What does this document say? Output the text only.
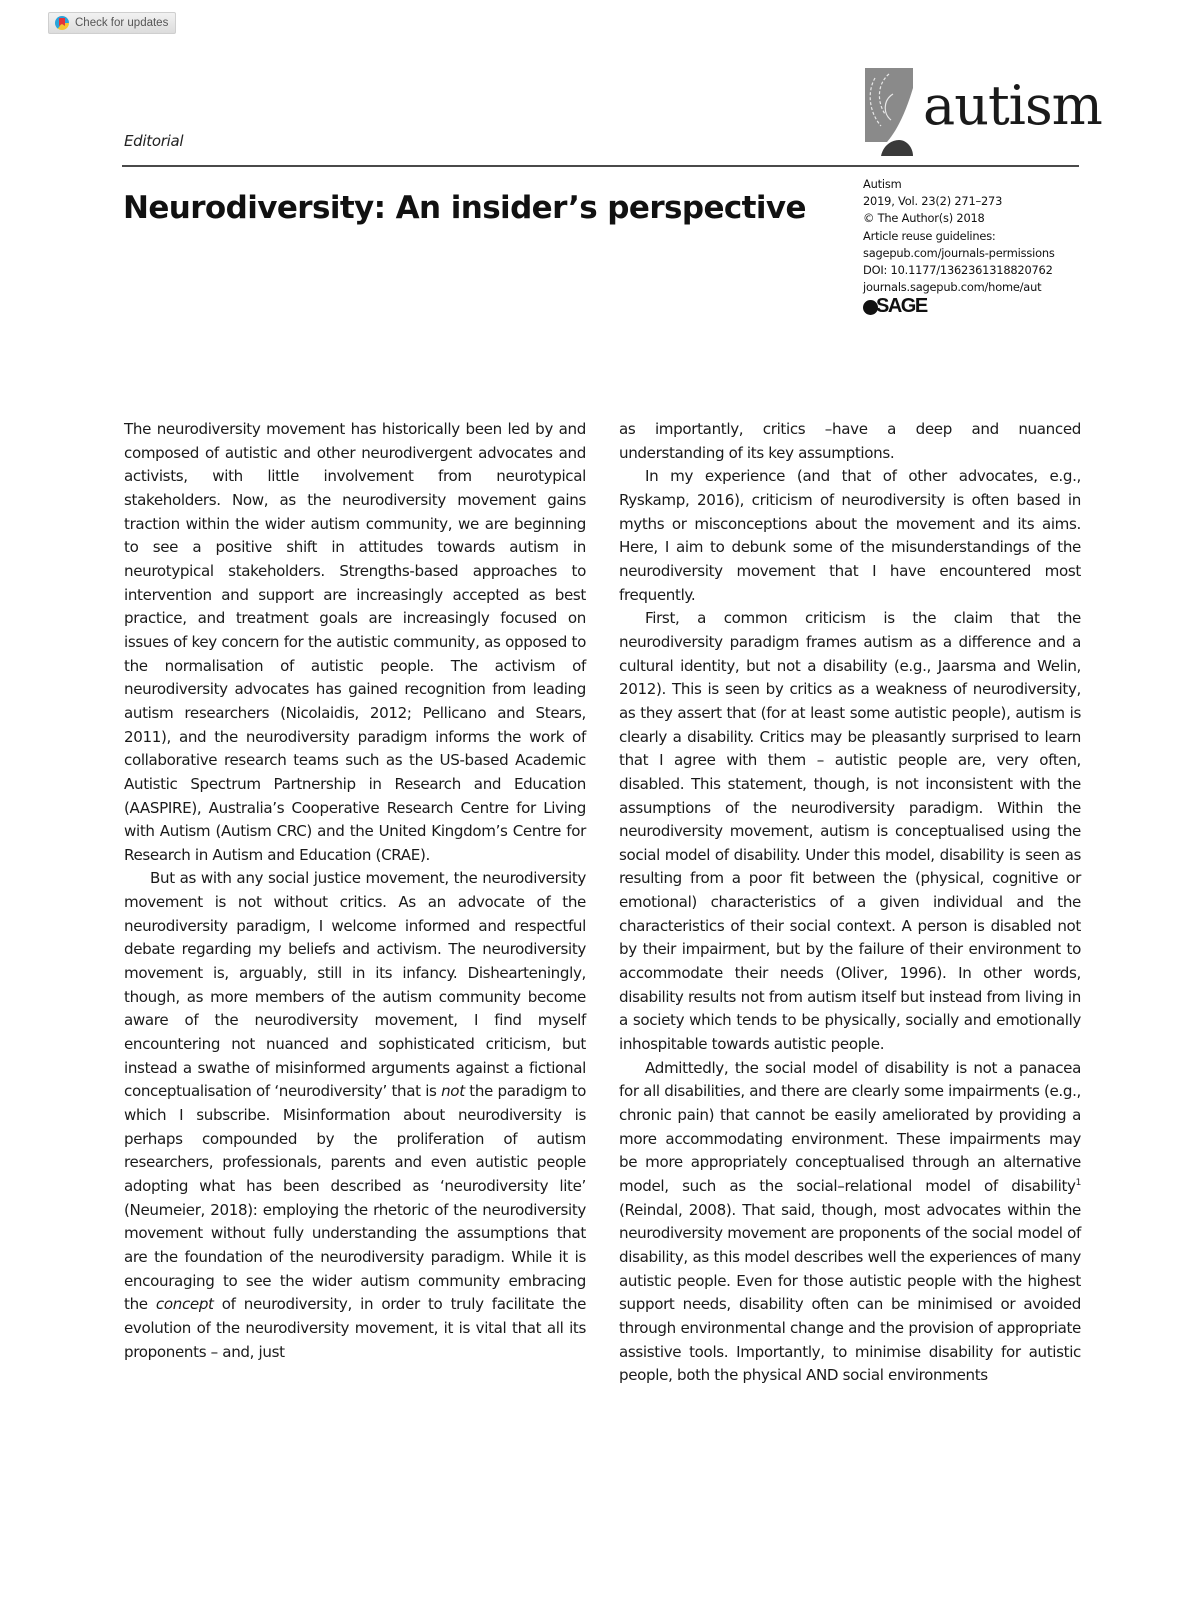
Check for updates
Editorial
autism
Neurodiversity: An insider’s perspective
Autism
2019, Vol. 23(2) 271–273
© The Author(s) 2018
Article reuse guidelines:
sagepub.com/journals-permissions
DOI: 10.1177/1362361318820762
journals.sagepub.com/home/aut
SAGE

The neurodiversity movement has historically been led by and composed of autistic and other neurodivergent advocates and activists, with little involvement from neurotypical stakeholders. Now, as the neurodiversity movement gains traction within the wider autism community, we are beginning to see a positive shift in attitudes towards autism in neurotypical stakeholders. Strengths-based approaches to intervention and support are increasingly accepted as best practice, and treatment goals are increasingly focused on issues of key concern for the autistic community, as opposed to the normalisation of autistic people. The activism of neurodiversity advocates has gained recognition from leading autism researchers (Nicolaidis, 2012; Pellicano and Stears, 2011), and the neurodiversity paradigm informs the work of collaborative research teams such as the US-based Academic Autistic Spectrum Partnership in Research and Education (AASPIRE), Australia’s Cooperative Research Centre for Living with Autism (Autism CRC) and the United Kingdom’s Centre for Research in Autism and Education (CRAE).

But as with any social justice movement, the neurodiversity movement is not without critics. As an advocate of the neurodiversity paradigm, I welcome informed and respectful debate regarding my beliefs and activism. The neurodiversity movement is, arguably, still in its infancy. Dishearteningly, though, as more members of the autism community become aware of the neurodiversity movement, I find myself encountering not nuanced and sophisticated criticism, but instead a swathe of misinformed arguments against a fictional conceptualisation of ‘neurodiversity’ that is not the paradigm to which I subscribe. Misinformation about neurodiversity is perhaps compounded by the proliferation of autism researchers, professionals, parents and even autistic people adopting what has been described as ‘neurodiversity lite’ (Neumeier, 2018): employing the rhetoric of the neurodiversity movement without fully understanding the assumptions that are the foundation of the neurodiversity paradigm. While it is encouraging to see the wider autism community embracing the concept of neurodiversity, in order to truly facilitate the evolution of the neurodiversity movement, it is vital that all its proponents – and, just

as importantly, critics –have a deep and nuanced understanding of its key assumptions.

In my experience (and that of other advocates, e.g., Ryskamp, 2016), criticism of neurodiversity is often based in myths or misconceptions about the movement and its aims. Here, I aim to debunk some of the misunderstandings of the neurodiversity movement that I have encountered most frequently.

First, a common criticism is the claim that the neurodiversity paradigm frames autism as a difference and a cultural identity, but not a disability (e.g., Jaarsma and Welin, 2012). This is seen by critics as a weakness of neurodiversity, as they assert that (for at least some autistic people), autism is clearly a disability. Critics may be pleasantly surprised to learn that I agree with them – autistic people are, very often, disabled. This statement, though, is not inconsistent with the assumptions of the neurodiversity paradigm. Within the neurodiversity movement, autism is conceptualised using the social model of disability. Under this model, disability is seen as resulting from a poor fit between the (physical, cognitive or emotional) characteristics of a given individual and the characteristics of their social context. A person is disabled not by their impairment, but by the failure of their environment to accommodate their needs (Oliver, 1996). In other words, disability results not from autism itself but instead from living in a society which tends to be physically, socially and emotionally inhospitable towards autistic people.

Admittedly, the social model of disability is not a panacea for all disabilities, and there are clearly some impairments (e.g., chronic pain) that cannot be easily ameliorated by providing a more accommodating environment. These impairments may be more appropriately conceptualised through an alternative model, such as the social–relational model of disability$^1$ (Reindal, 2008). That said, though, most advocates within the neurodiversity movement are proponents of the social model of disability, as this model describes well the experiences of many autistic people. Even for those autistic people with the highest support needs, disability often can be minimised or avoided through environmental change and the provision of appropriate assistive tools. Importantly, to minimise disability for autistic people, both the physical AND social environments
